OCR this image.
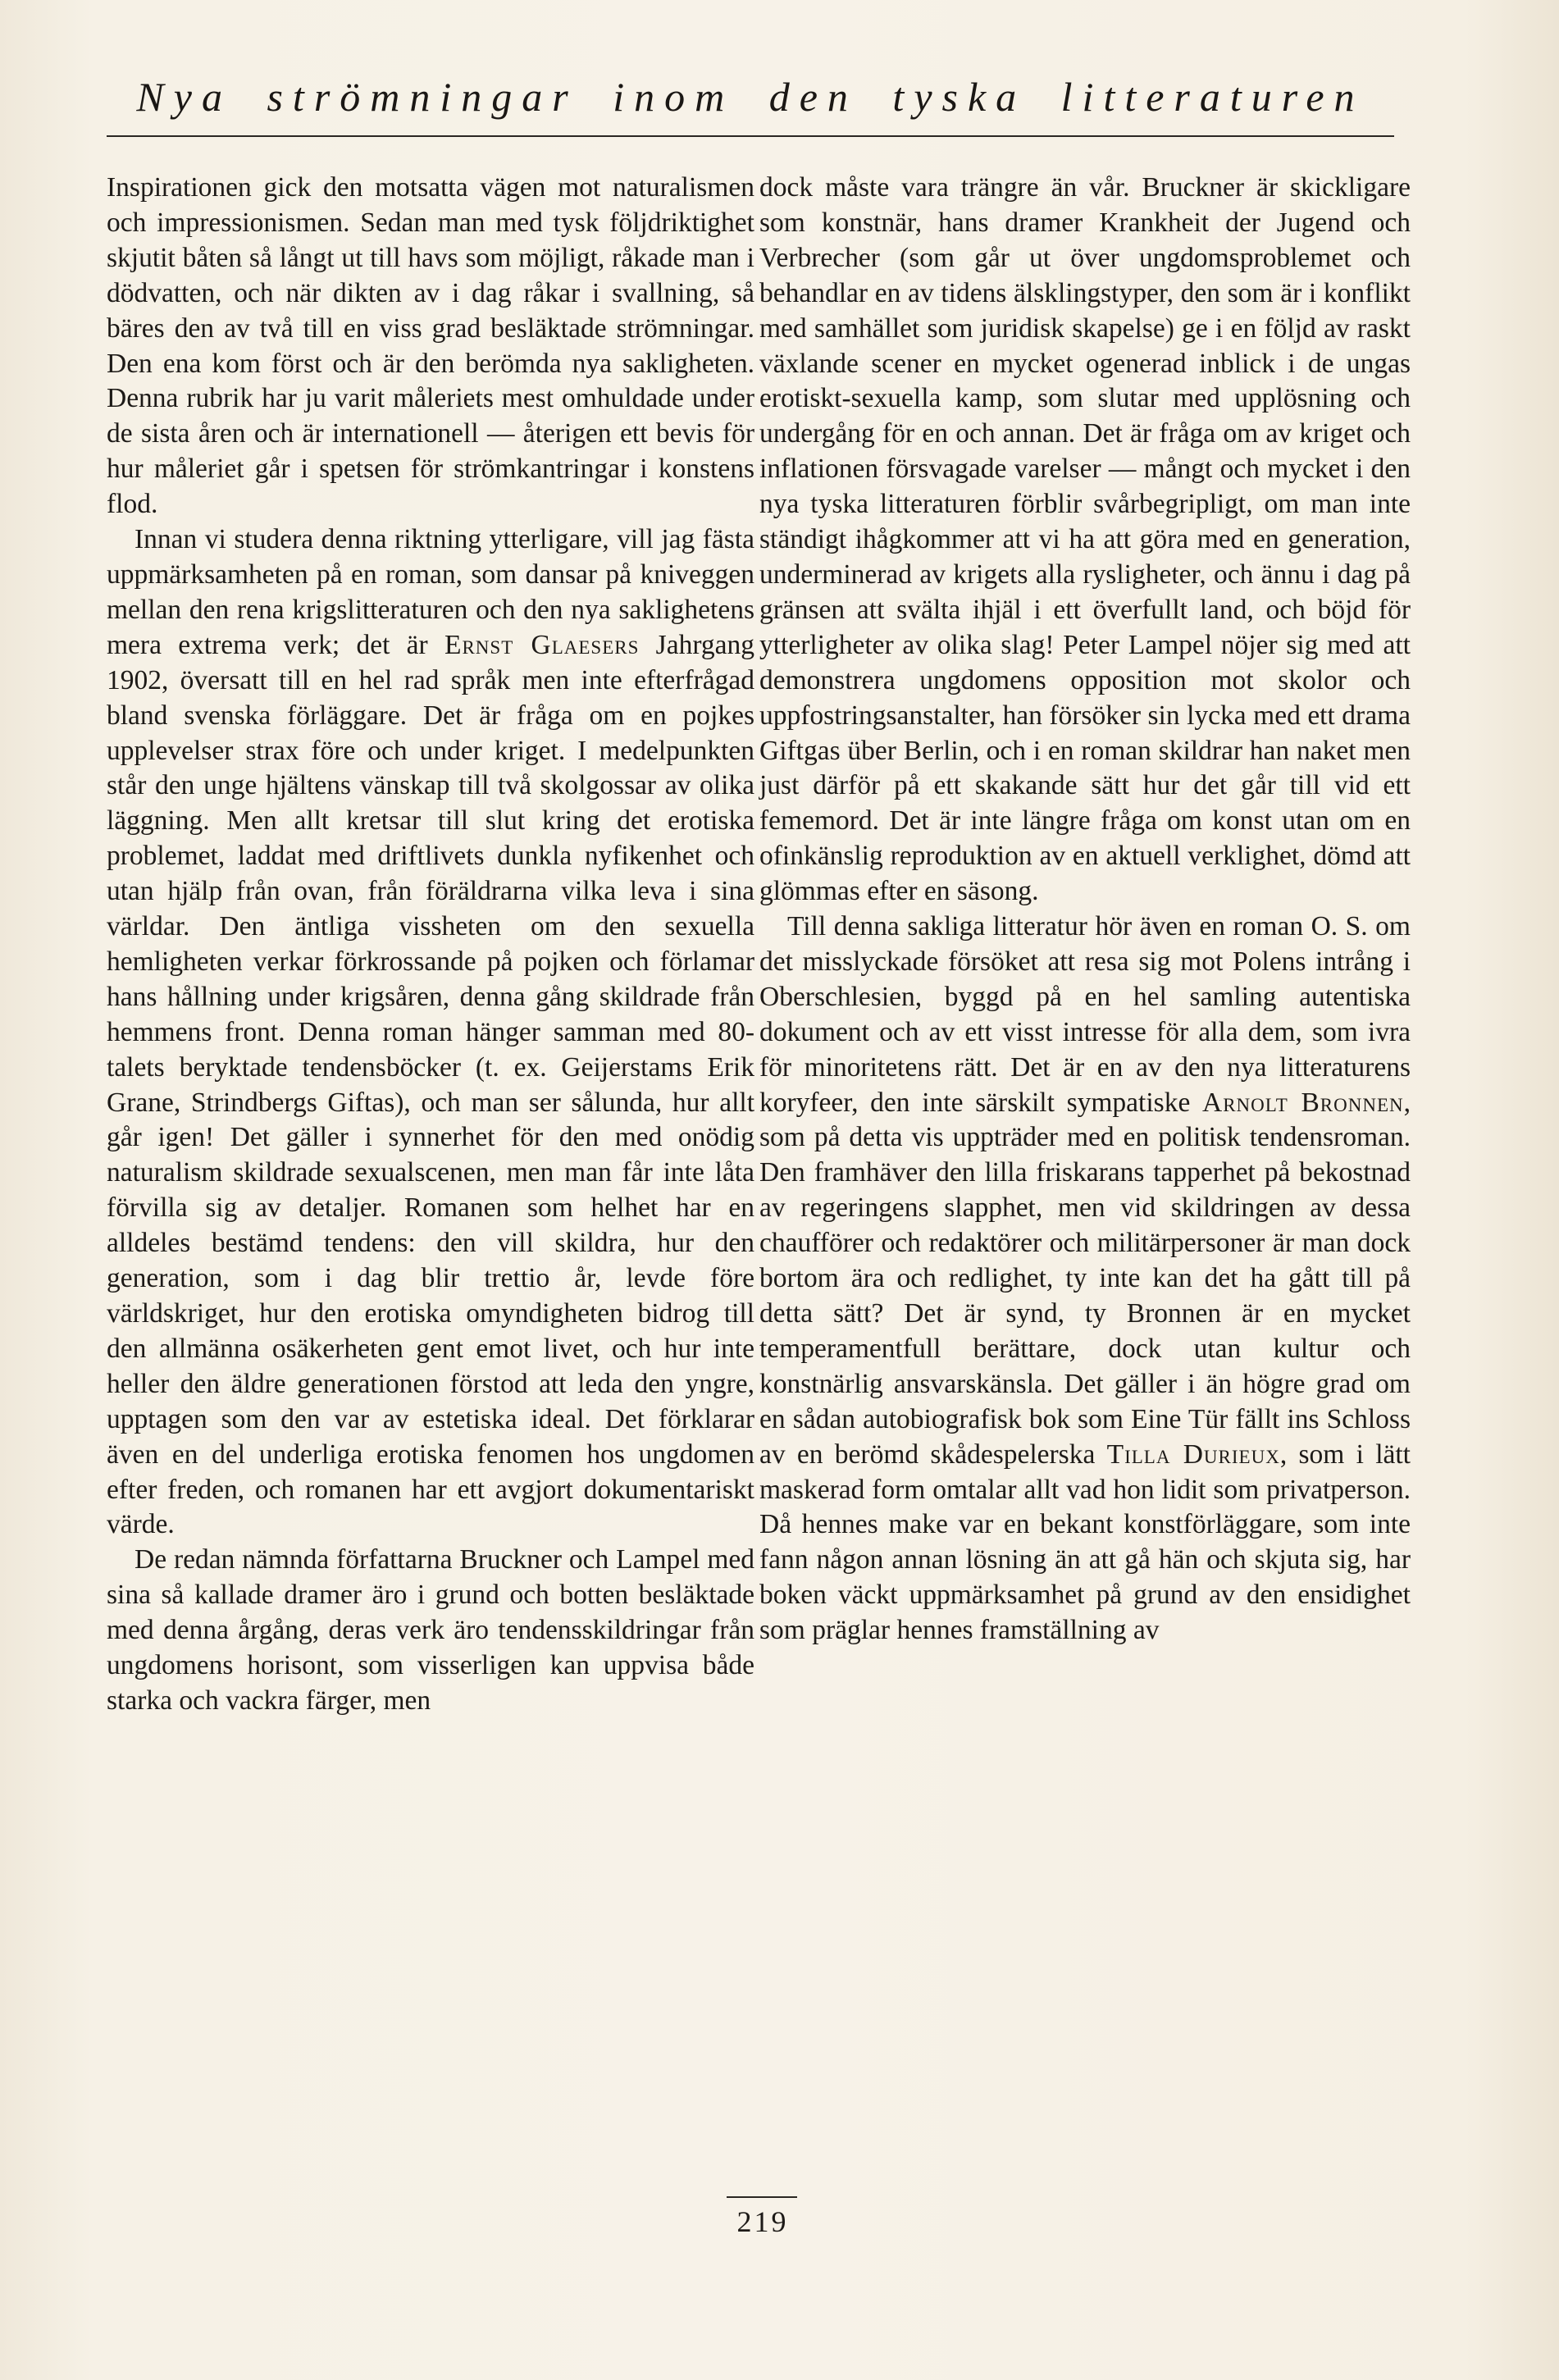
Nya strömningar inom den tyska litteraturen

Inspirationen gick den motsatta vägen mot naturalismen och impressionismen. Sedan man med tysk följdriktighet skjutit båten så långt ut till havs som möjligt, råkade man i dödvatten, och när dikten av i dag råkar i svallning, så bäres den av två till en viss grad besläktade strömningar. Den ena kom först och är den berömda nya sakligheten. Denna rubrik har ju varit måleriets mest omhuldade under de sista åren och är internationell — återigen ett bevis för hur måleriet går i spetsen för strömkantringar i konstens flod.

Innan vi studera denna riktning ytterligare, vill jag fästa uppmärksamheten på en roman, som dansar på kniveggen mellan den rena krigslitteraturen och den nya saklighetens mera extrema verk; det är Ernst Glaesers Jahrgang 1902, översatt till en hel rad språk men inte efterfrågad bland svenska förläggare. Det är fråga om en pojkes upplevelser strax före och under kriget. I medelpunkten står den unge hjältens vänskap till två skolgossar av olika läggning. Men allt kretsar till slut kring det erotiska problemet, laddat med driftlivets dunkla nyfikenhet och utan hjälp från ovan, från föräldrarna vilka leva i sina världar. Den äntliga vissheten om den sexuella hemligheten verkar förkrossande på pojken och förlamar hans hållning under krigsåren, denna gång skildrade från hemmens front. Denna roman hänger samman med 80-talets beryktade tendensböcker (t. ex. Geijerstams Erik Grane, Strindbergs Giftas), och man ser sålunda, hur allt går igen! Det gäller i synnerhet för den med onödig naturalism skildrade sexualscenen, men man får inte låta förvilla sig av detaljer. Romanen som helhet har en alldeles bestämd tendens: den vill skildra, hur den generation, som i dag blir trettio år, levde före världskriget, hur den erotiska omyndigheten bidrog till den allmänna osäkerheten gent emot livet, och hur inte heller den äldre generationen förstod att leda den yngre, upptagen som den var av estetiska ideal. Det förklarar även en del underliga erotiska fenomen hos ungdomen efter freden, och romanen har ett avgjort dokumentariskt värde.

De redan nämnda författarna Bruckner och Lampel med sina så kallade dramer äro i grund och botten besläktade med denna årgång, deras verk äro tendensskildringar från ungdomens horisont, som visserligen kan uppvisa både starka och vackra färger, men

dock måste vara trängre än vår. Bruckner är skickligare som konstnär, hans dramer Krankheit der Jugend och Verbrecher (som går ut över ungdomsproblemet och behandlar en av tidens älsklingstyper, den som är i konflikt med samhället som juridisk skapelse) ge i en följd av raskt växlande scener en mycket ogenerad inblick i de ungas erotiskt-sexuella kamp, som slutar med upplösning och undergång för en och annan. Det är fråga om av kriget och inflationen försvagade varelser — mångt och mycket i den nya tyska litteraturen förblir svårbegripligt, om man inte ständigt ihågkommer att vi ha att göra med en generation, underminerad av krigets alla rysligheter, och ännu i dag på gränsen att svälta ihjäl i ett överfullt land, och böjd för ytterligheter av olika slag! Peter Lampel nöjer sig med att demonstrera ungdomens opposition mot skolor och uppfostringsanstalter, han försöker sin lycka med ett drama Giftgas über Berlin, och i en roman skildrar han naket men just därför på ett skakande sätt hur det går till vid ett fememord. Det är inte längre fråga om konst utan om en ofinkänslig reproduktion av en aktuell verklighet, dömd att glömmas efter en säsong.

Till denna sakliga litteratur hör även en roman O. S. om det misslyckade försöket att resa sig mot Polens intrång i Oberschlesien, byggd på en hel samling autentiska dokument och av ett visst intresse för alla dem, som ivra för minoritetens rätt. Det är en av den nya litteraturens koryfeer, den inte särskilt sympatiske Arnolt Bronnen, som på detta vis uppträder med en politisk tendensroman. Den framhäver den lilla friskarans tapperhet på bekostnad av regeringens slapphet, men vid skildringen av dessa chaufförer och redaktörer och militärpersoner är man dock bortom ära och redlighet, ty inte kan det ha gått till på detta sätt? Det är synd, ty Bronnen är en mycket temperamentfull berättare, dock utan kultur och konstnärlig ansvarskänsla. Det gäller i än högre grad om en sådan autobiografisk bok som Eine Tür fällt ins Schloss av en berömd skådespelerska Tilla Durieux, som i lätt maskerad form omtalar allt vad hon lidit som privatperson. Då hennes make var en bekant konstförläggare, som inte fann någon annan lösning än att gå hän och skjuta sig, har boken väckt uppmärksamhet på grund av den ensidighet som präglar hennes framställning av

219
